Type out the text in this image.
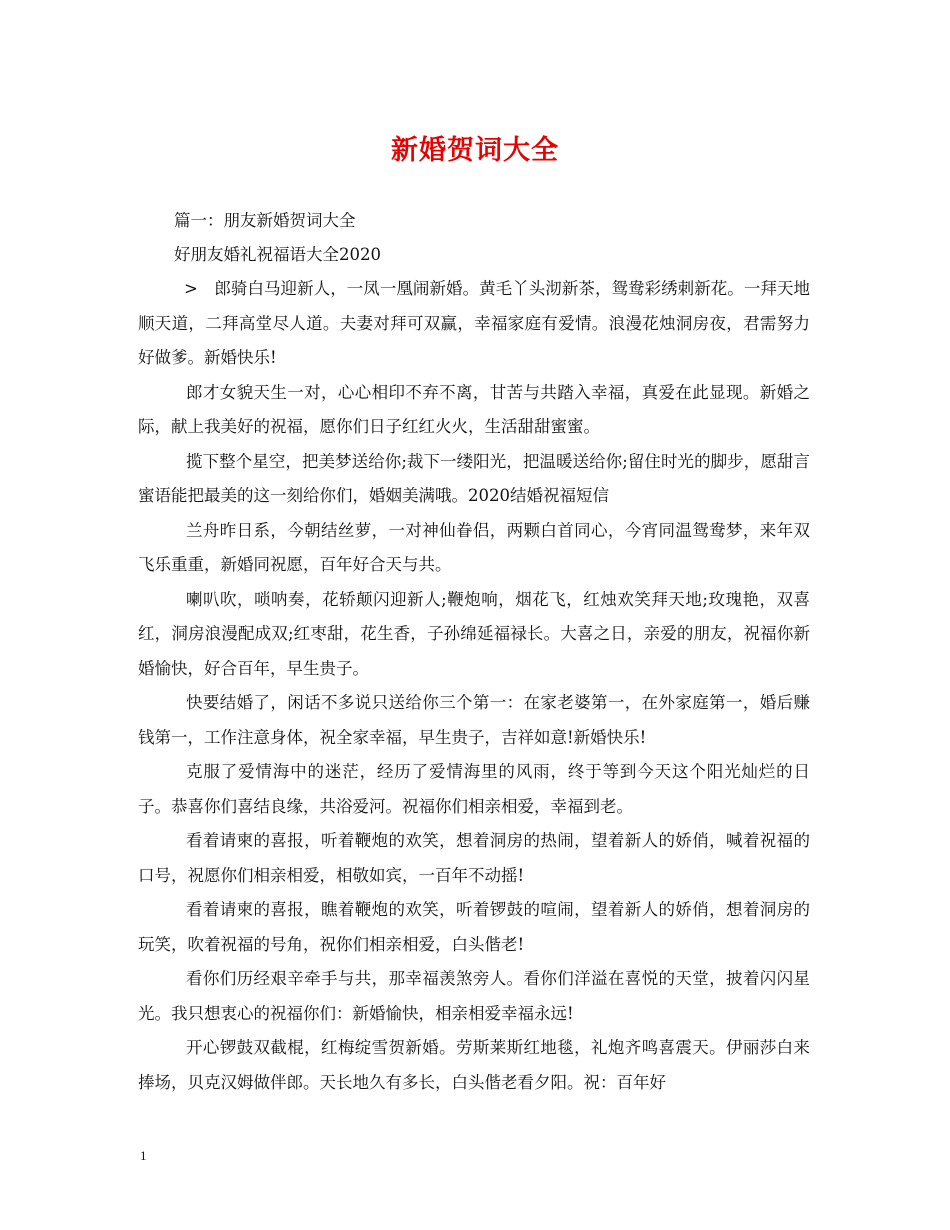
新婚贺词大全
篇一：朋友新婚贺词大全
好朋友婚礼祝福语大全2020

> 郎骑白马迎新人，一凤一凰闹新婚。黄毛丫头沏新茶，鸳鸯彩绣刺新花。一拜天地顺天道，二拜高堂尽人道。夫妻对拜可双赢，幸福家庭有爱情。浪漫花烛洞房夜，君需努力好做爹。新婚快乐!

郎才女貌天生一对，心心相印不弃不离，甘苦与共踏入幸福，真爱在此显现。新婚之际，献上我美好的祝福，愿你们日子红红火火，生活甜甜蜜蜜。

揽下整个星空，把美梦送给你;裁下一缕阳光，把温暖送给你;留住时光的脚步，愿甜言蜜语能把最美的这一刻给你们，婚姻美满哦。2020结婚祝福短信

兰舟昨日系，今朝结丝萝，一对神仙眷侣，两颗白首同心，今宵同温鸳鸯梦，来年双飞乐重重，新婚同祝愿，百年好合天与共。

喇叭吹，唢呐奏，花轿颠闪迎新人;鞭炮响，烟花飞，红烛欢笑拜天地;玫瑰艳，双喜红，洞房浪漫配成双;红枣甜，花生香，子孙绵延福禄长。大喜之日，亲爱的朋友，祝福你新婚愉快，好合百年，早生贵子。

快要结婚了，闲话不多说只送给你三个第一：在家老婆第一，在外家庭第一，婚后赚钱第一，工作注意身体，祝全家幸福，早生贵子，吉祥如意!新婚快乐!

克服了爱情海中的迷茫，经历了爱情海里的风雨，终于等到今天这个阳光灿烂的日子。恭喜你们喜结良缘，共浴爱河。祝福你们相亲相爱，幸福到老。

看着请柬的喜报，听着鞭炮的欢笑，想着洞房的热闹，望着新人的娇俏，喊着祝福的口号，祝愿你们相亲相爱，相敬如宾，一百年不动摇!

看着请柬的喜报，瞧着鞭炮的欢笑，听着锣鼓的喧闹，望着新人的娇俏，想着洞房的玩笑，吹着祝福的号角，祝你们相亲相爱，白头偕老!

看你们历经艰辛牵手与共，那幸福羡煞旁人。看你们洋溢在喜悦的天堂，披着闪闪星光。我只想衷心的祝福你们：新婚愉快，相亲相爱幸福永远!

开心锣鼓双截棍，红梅绽雪贺新婚。劳斯莱斯红地毯，礼炮齐鸣喜震天。伊丽莎白来捧场，贝克汉姆做伴郎。天长地久有多长，白头偕老看夕阳。祝：百年好

1
